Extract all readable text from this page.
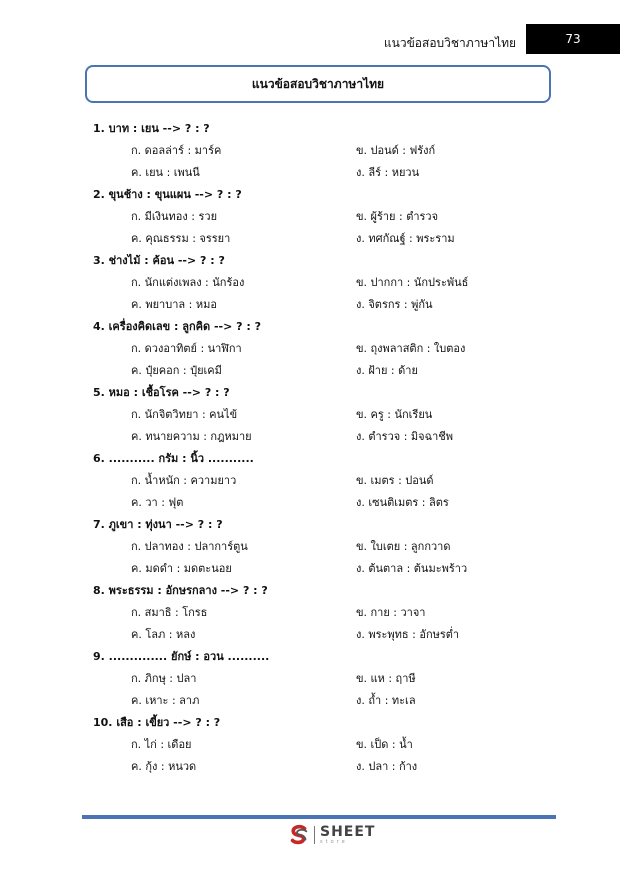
แนวข้อสอบวิชาภาษาไทย	73
แนวข้อสอบวิชาภาษาไทย
1. บาท : เยน --> ? : ?
ก. ดอลล่าร์ : มาร์ค	ข. ปอนด์ : ฟรังก์
ค. เยน : เพนนี	ง. ลีร์ : หยวน
2. ขุนช้าง : ขุนแผน --> ? : ?
ก. มีเงินทอง : รวย	ข. ผู้ร้าย : ตำรวจ
ค. คุณธรรม : จรรยา	ง. ทศกัณฐ์ : พระราม
3. ช่างไม้ : ค้อน --> ? : ?
ก. นักแต่งเพลง : นักร้อง	ข. ปากกา : นักประพันธ์
ค. พยาบาล : หมอ	ง. จิตรกร : พู่กัน
4. เครื่องคิดเลข : ลูกคิด --> ? : ?
ก. ดวงอาทิตย์ : นาฬิกา	ข. ถุงพลาสติก : ใบตอง
ค. ปุ๋ยคอก : ปุ๋ยเคมี	ง. ฝ้าย : ด้าย
5. หมอ : เชื้อโรค --> ? : ?
ก. นักจิตวิทยา : คนไข้	ข. ครู : นักเรียน
ค. ทนายความ : กฎหมาย	ง. ตำรวจ : มิจฉาชีพ
6. ........... กรัม : นิ้ว ...........
ก. น้ำหนัก : ความยาว	ข. เมตร : ปอนด์
ค. วา : ฟุต	ง. เซนติเมตร : ลิตร
7. ภูเขา : ทุ่งนา --> ? : ?
ก. ปลาทอง : ปลาการ์ตูน	ข. ใบเตย : ลูกกวาด
ค. มดดำ : มดตะนอย	ง. ต้นตาล : ต้นมะพร้าว
8. พระธรรม : อักษรกลาง --> ? : ?
ก. สมาธิ : โกรธ	ข. กาย : วาจา
ค. โลภ : หลง	ง. พระพุทธ : อักษรต่ำ
9. .............. ยักษ์ : อวน ..........
ก. ภิกษุ : ปลา	ข. แห : ฤาษี
ค. เหาะ : ลาภ	ง. ถ้ำ : ทะเล
10. เสือ : เขี้ยว --> ? : ?
ก. ไก่ : เดือย	ข. เป็ด : น้ำ
ค. กุ้ง : หนวด	ง. ปลา : ก้าง
SHEET
store
